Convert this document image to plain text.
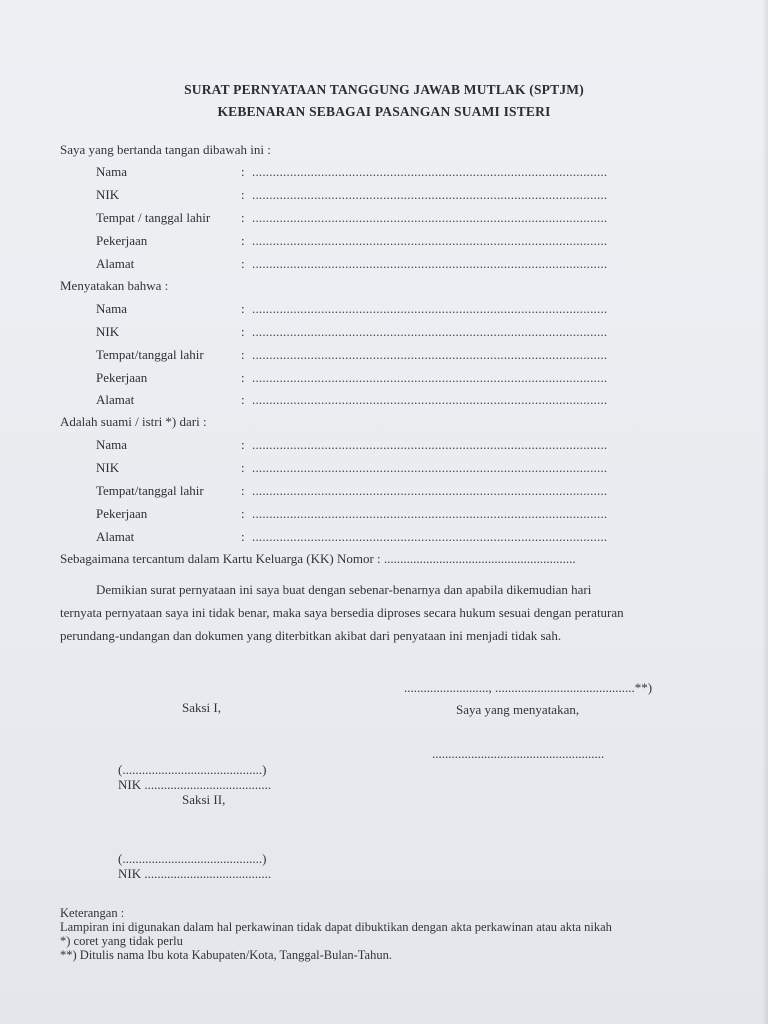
SURAT PERNYATAAN TANGGUNG JAWAB MUTLAK (SPTJM)
KEBENARAN SEBAGAI PASANGAN SUAMI ISTERI
Saya yang bertanda tangan dibawah ini :
Nama	: .......................................................................................................
NIK	: .......................................................................................................
Tempat / tanggal lahir : .......................................................................................................
Pekerjaan	: .......................................................................................................
Alamat	: .......................................................................................................
Menyatakan bahwa :
Nama	: .......................................................................................................
NIK	: .......................................................................................................
Tempat/tanggal lahir	: .......................................................................................................
Pekerjaan	: .......................................................................................................
Alamat	: .......................................................................................................
Adalah suami / istri *) dari :
Nama	: .......................................................................................................
NIK	: .......................................................................................................
Tempat/tanggal lahir	: .......................................................................................................
Pekerjaan	: .......................................................................................................
Alamat	: .......................................................................................................
Sebagaimana tercantum dalam Kartu Keluarga (KK) Nomor : ...........................................................
Demikian surat pernyataan ini saya buat dengan sebenar-benarnya dan apabila dikemudian hari
ternyata pernyataan saya ini tidak benar, maka saya bersedia diproses secara hukum sesuai dengan peraturan
perundang-undangan dan dokumen yang diterbitkan akibat dari penyataan ini menjadi tidak sah.
.........................., ...........................................**)
Saksi I,	Saya yang menyatakan,
.....................................................
(...........................................)
NIK .......................................
Saksi II,
(...........................................)
NIK .......................................
Keterangan :
Lampiran ini digunakan dalam hal perkawinan tidak dapat dibuktikan dengan akta perkawinan atau akta nikah
*) coret yang tidak perlu
**) Ditulis nama Ibu kota Kabupaten/Kota, Tanggal-Bulan-Tahun.
